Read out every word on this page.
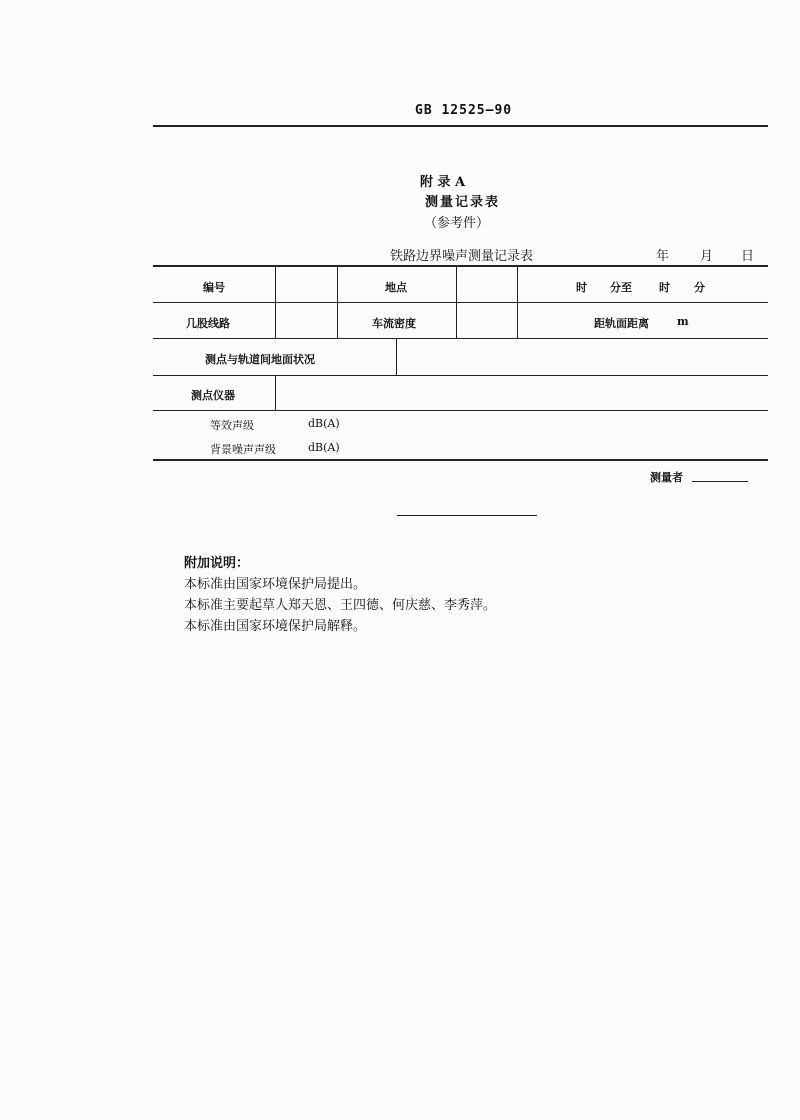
GB 12525—90
附 录 A
测量记录表
（参考件）
铁路边界噪声测量记录表	年 月 日
编号	地点	时 分至 时 分
几股线路	车流密度	距轨面距离	m
测点与轨道间地面状况
测点仪器
等效声级	dB(A)
背景噪声声级	dB(A)
测量者
附加说明：
本标准由国家环境保护局提出。
本标准主要起草人郑天恩、王四德、何庆慈、李秀萍。
本标准由国家环境保护局解释。
